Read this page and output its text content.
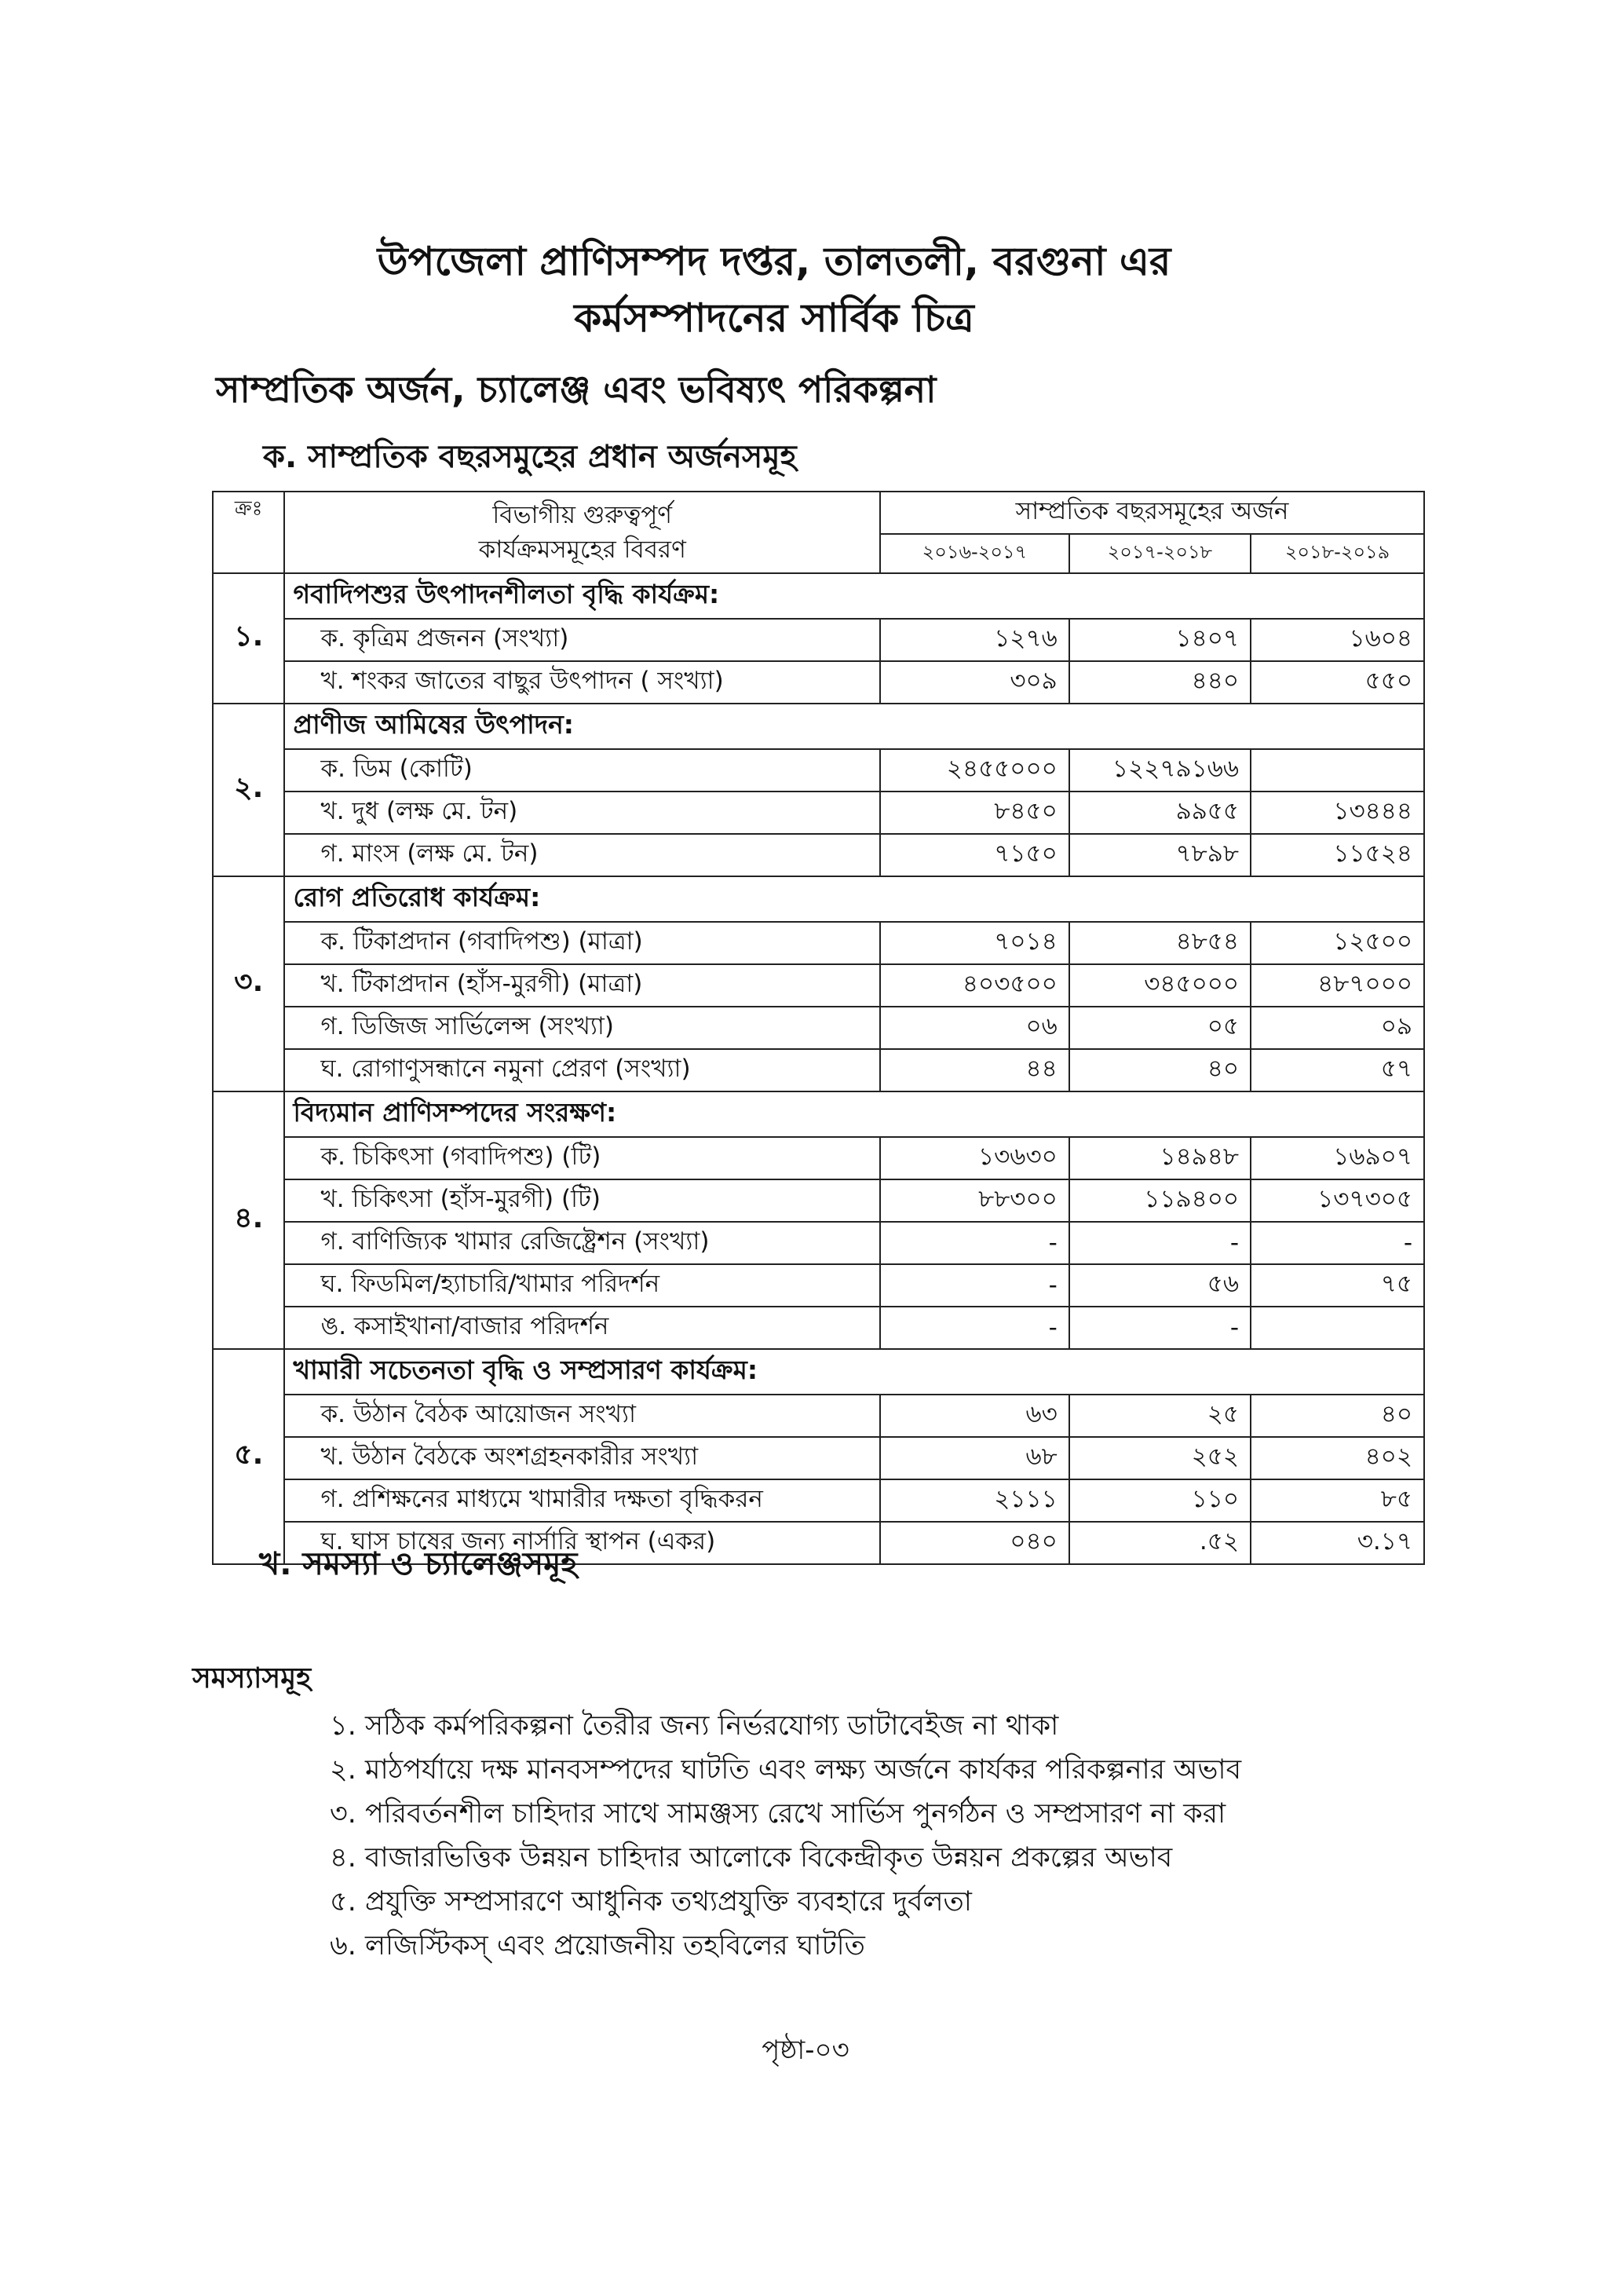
উপজেলা প্রাণিসম্পদ দপ্তর, তালতলী, বরগুনা এর
কর্মসম্পাদনের সার্বিক চিত্র
সাম্প্রতিক অর্জন, চ্যালেঞ্জ এবং ভবিষ্যৎ পরিকল্পনা
ক. সাম্প্রতিক বছরসমুহের প্রধান অর্জনসমূহ
ক্রঃ	বিভাগীয় গুরুত্বপূর্ণ
কার্যক্রমসমূহের বিবরণ	সাম্প্রতিক বছরসমূহের অর্জন		
		২০১৬-২০১৭	২০১৭-২০১৮	২০১৮-২০১৯
১.	গবাদিপশুর উৎপাদনশীলতা বৃদ্ধি কার্যক্রম:			
	ক. কৃত্রিম প্রজনন (সংখ্যা)	১২৭৬	১৪০৭	১৬০৪
	খ. শংকর জাতের বাছুর উৎপাদন ( সংখ্যা)	৩০৯	৪৪০	৫৫০
২.	প্রাণীজ আমিষের উৎপাদন:			
	ক. ডিম (কোটি)	২৪৫৫০০০	১২২৭৯১৬৬	
	খ. দুধ (লক্ষ মে. টন)	৮৪৫০	৯৯৫৫	১৩৪৪৪
	গ. মাংস (লক্ষ মে. টন)	৭১৫০	৭৮৯৮	১১৫২৪
৩.	রোগ প্রতিরোধ কার্যক্রম:			
	ক. টিকাপ্রদান (গবাদিপশু) (মাত্রা)	৭০১৪	৪৮৫৪	১২৫০০
	খ. টিকাপ্রদান (হাঁস-মুরগী) (মাত্রা)	৪০৩৫০০	৩৪৫০০০	৪৮৭০০০
	গ. ডিজিজ সার্ভিলেন্স (সংখ্যা)	০৬	০৫	০৯
	ঘ. রোগাণুসন্ধানে নমুনা প্রেরণ (সংখ্যা)	৪৪	৪০	৫৭
৪.	বিদ্যমান প্রাণিসম্পদের সংরক্ষণ:			
	ক. চিকিৎসা (গবাদিপশু) (টি)	১৩৬৩০	১৪৯৪৮	১৬৯০৭
	খ. চিকিৎসা (হাঁস-মুরগী) (টি)	৮৮৩০০	১১৯৪০০	১৩৭৩০৫
	গ. বাণিজ্যিক খামার রেজিষ্ট্রেশন (সংখ্যা)	-	-	-
	ঘ. ফিডমিল/হ্যাচারি/খামার পরিদর্শন	-	৫৬	৭৫
	ঙ. কসাইখানা/বাজার পরিদর্শন	-	-	
৫.	খামারী সচেতনতা বৃদ্ধি ও সম্প্রসারণ কার্যক্রম:			
	ক. উঠান বৈঠক আয়োজন সংখ্যা	৬৩	২৫	৪০
	খ. উঠান বৈঠকে অংশগ্রহনকারীর সংখ্যা	৬৮	২৫২	৪০২
	গ. প্রশিক্ষনের মাধ্যমে খামারীর দক্ষতা বৃদ্ধিকরন	২১১১	১১০	৮৫
	ঘ. ঘাস চাষের জন্য নার্সারি স্থাপন (একর)	০৪০	.৫২	৩.১৭
খ. সমস্যা ও চ্যালেঞ্জসমূহ
সমস্যাসমূহ
১. সঠিক কর্মপরিকল্পনা তৈরীর জন্য নির্ভরযোগ্য ডাটাবেইজ না থাকা
২. মাঠপর্যায়ে দক্ষ মানবসম্পদের ঘাটতি এবং লক্ষ্য অর্জনে কার্যকর পরিকল্পনার অভাব
৩. পরিবর্তনশীল চাহিদার সাথে সামঞ্জস্য রেখে সার্ভিস পুনর্গঠন ও সম্প্রসারণ না করা
৪. বাজারভিত্তিক উন্নয়ন চাহিদার আলোকে বিকেন্দ্রীকৃত উন্নয়ন প্রকল্পের অভাব
৫. প্রযুক্তি সম্প্রসারণে আধুনিক তথ্যপ্রযুক্তি ব্যবহারে দুর্বলতা
৬. লজিস্টিকস্‌ এবং প্রয়োজনীয় তহবিলের ঘাটতি
পৃষ্ঠা-০৩
